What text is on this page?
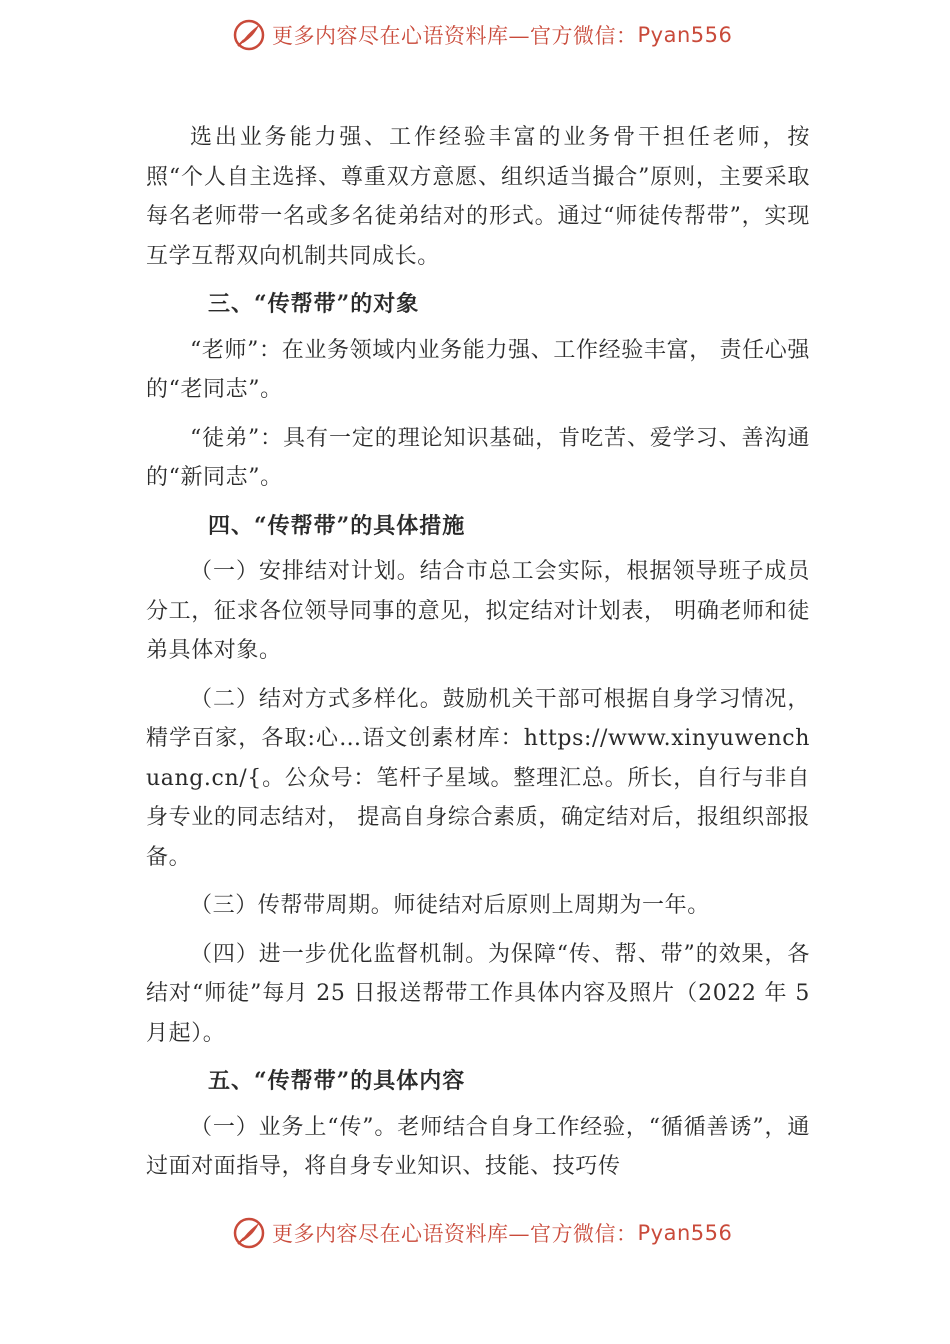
更多内容尽在心语资料库—官方微信： Pyan556

选出业务能力强、工作经验丰富的业务骨干担任老师，按照“个人自主选择、尊重双方意愿、组织适当撮合”原则，主要采取每名老师带一名或多名徒弟结对的形式。通过“师徒传帮带”，实现互学互帮双向机制共同成长。

三、“传帮带”的对象

“老师”：在业务领域内业务能力强、工作经验丰富， 责任心强的“老同志”。

“徒弟”：具有一定的理论知识基础，肯吃苦、爱学习、善沟通的“新同志”。

四、“传帮带”的具体措施

（一）安排结对计划。结合市总工会实际，根据领导班子成员分工，征求各位领导同事的意见，拟定结对计划表， 明确老师和徒弟具体对象。

（二）结对方式多样化。鼓励机关干部可根据自身学习情况，精学百家，各取:心…语文创素材库：https://www.xinyuwenchuang.cn/{。公众号：笔杆子星域。整理汇总。所长，自行与非自身专业的同志结对， 提高自身综合素质，确定结对后，报组织部报备。

（三）传帮带周期。师徒结对后原则上周期为一年。

（四）进一步优化监督机制。为保障“传、帮、带”的效果，各结对“师徒”每月 25 日报送帮带工作具体内容及照片（2022 年 5 月起）。

五、“传帮带”的具体内容

（一）业务上“传”。老师结合自身工作经验，“循循善诱”，通过面对面指导，将自身专业知识、技能、技巧传

更多内容尽在心语资料库—官方微信： Pyan556
